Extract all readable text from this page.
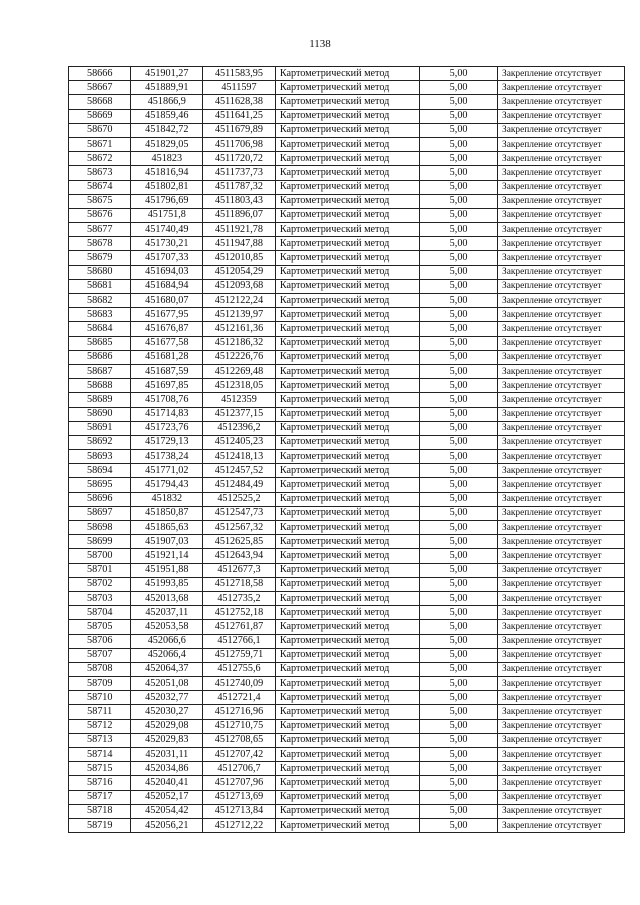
1138
58666	451901,27	4511583,95	Картометрический метод	5,00	Закрепление отсутствует
58667	451889,91	4511597	Картометрический метод	5,00	Закрепление отсутствует
58668	451866,9	4511628,38	Картометрический метод	5,00	Закрепление отсутствует
58669	451859,46	4511641,25	Картометрический метод	5,00	Закрепление отсутствует
58670	451842,72	4511679,89	Картометрический метод	5,00	Закрепление отсутствует
58671	451829,05	4511706,98	Картометрический метод	5,00	Закрепление отсутствует
58672	451823	4511720,72	Картометрический метод	5,00	Закрепление отсутствует
58673	451816,94	4511737,73	Картометрический метод	5,00	Закрепление отсутствует
58674	451802,81	4511787,32	Картометрический метод	5,00	Закрепление отсутствует
58675	451796,69	4511803,43	Картометрический метод	5,00	Закрепление отсутствует
58676	451751,8	4511896,07	Картометрический метод	5,00	Закрепление отсутствует
58677	451740,49	4511921,78	Картометрический метод	5,00	Закрепление отсутствует
58678	451730,21	4511947,88	Картометрический метод	5,00	Закрепление отсутствует
58679	451707,33	4512010,85	Картометрический метод	5,00	Закрепление отсутствует
58680	451694,03	4512054,29	Картометрический метод	5,00	Закрепление отсутствует
58681	451684,94	4512093,68	Картометрический метод	5,00	Закрепление отсутствует
58682	451680,07	4512122,24	Картометрический метод	5,00	Закрепление отсутствует
58683	451677,95	4512139,97	Картометрический метод	5,00	Закрепление отсутствует
58684	451676,87	4512161,36	Картометрический метод	5,00	Закрепление отсутствует
58685	451677,58	4512186,32	Картометрический метод	5,00	Закрепление отсутствует
58686	451681,28	4512226,76	Картометрический метод	5,00	Закрепление отсутствует
58687	451687,59	4512269,48	Картометрический метод	5,00	Закрепление отсутствует
58688	451697,85	4512318,05	Картометрический метод	5,00	Закрепление отсутствует
58689	451708,76	4512359	Картометрический метод	5,00	Закрепление отсутствует
58690	451714,83	4512377,15	Картометрический метод	5,00	Закрепление отсутствует
58691	451723,76	4512396,2	Картометрический метод	5,00	Закрепление отсутствует
58692	451729,13	4512405,23	Картометрический метод	5,00	Закрепление отсутствует
58693	451738,24	4512418,13	Картометрический метод	5,00	Закрепление отсутствует
58694	451771,02	4512457,52	Картометрический метод	5,00	Закрепление отсутствует
58695	451794,43	4512484,49	Картометрический метод	5,00	Закрепление отсутствует
58696	451832	4512525,2	Картометрический метод	5,00	Закрепление отсутствует
58697	451850,87	4512547,73	Картометрический метод	5,00	Закрепление отсутствует
58698	451865,63	4512567,32	Картометрический метод	5,00	Закрепление отсутствует
58699	451907,03	4512625,85	Картометрический метод	5,00	Закрепление отсутствует
58700	451921,14	4512643,94	Картометрический метод	5,00	Закрепление отсутствует
58701	451951,88	4512677,3	Картометрический метод	5,00	Закрепление отсутствует
58702	451993,85	4512718,58	Картометрический метод	5,00	Закрепление отсутствует
58703	452013,68	4512735,2	Картометрический метод	5,00	Закрепление отсутствует
58704	452037,11	4512752,18	Картометрический метод	5,00	Закрепление отсутствует
58705	452053,58	4512761,87	Картометрический метод	5,00	Закрепление отсутствует
58706	452066,6	4512766,1	Картометрический метод	5,00	Закрепление отсутствует
58707	452066,4	4512759,71	Картометрический метод	5,00	Закрепление отсутствует
58708	452064,37	4512755,6	Картометрический метод	5,00	Закрепление отсутствует
58709	452051,08	4512740,09	Картометрический метод	5,00	Закрепление отсутствует
58710	452032,77	4512721,4	Картометрический метод	5,00	Закрепление отсутствует
58711	452030,27	4512716,96	Картометрический метод	5,00	Закрепление отсутствует
58712	452029,08	4512710,75	Картометрический метод	5,00	Закрепление отсутствует
58713	452029,83	4512708,65	Картометрический метод	5,00	Закрепление отсутствует
58714	452031,11	4512707,42	Картометрический метод	5,00	Закрепление отсутствует
58715	452034,86	4512706,7	Картометрический метод	5,00	Закрепление отсутствует
58716	452040,41	4512707,96	Картометрический метод	5,00	Закрепление отсутствует
58717	452052,17	4512713,69	Картометрический метод	5,00	Закрепление отсутствует
58718	452054,42	4512713,84	Картометрический метод	5,00	Закрепление отсутствует
58719	452056,21	4512712,22	Картометрический метод	5,00	Закрепление отсутствует
